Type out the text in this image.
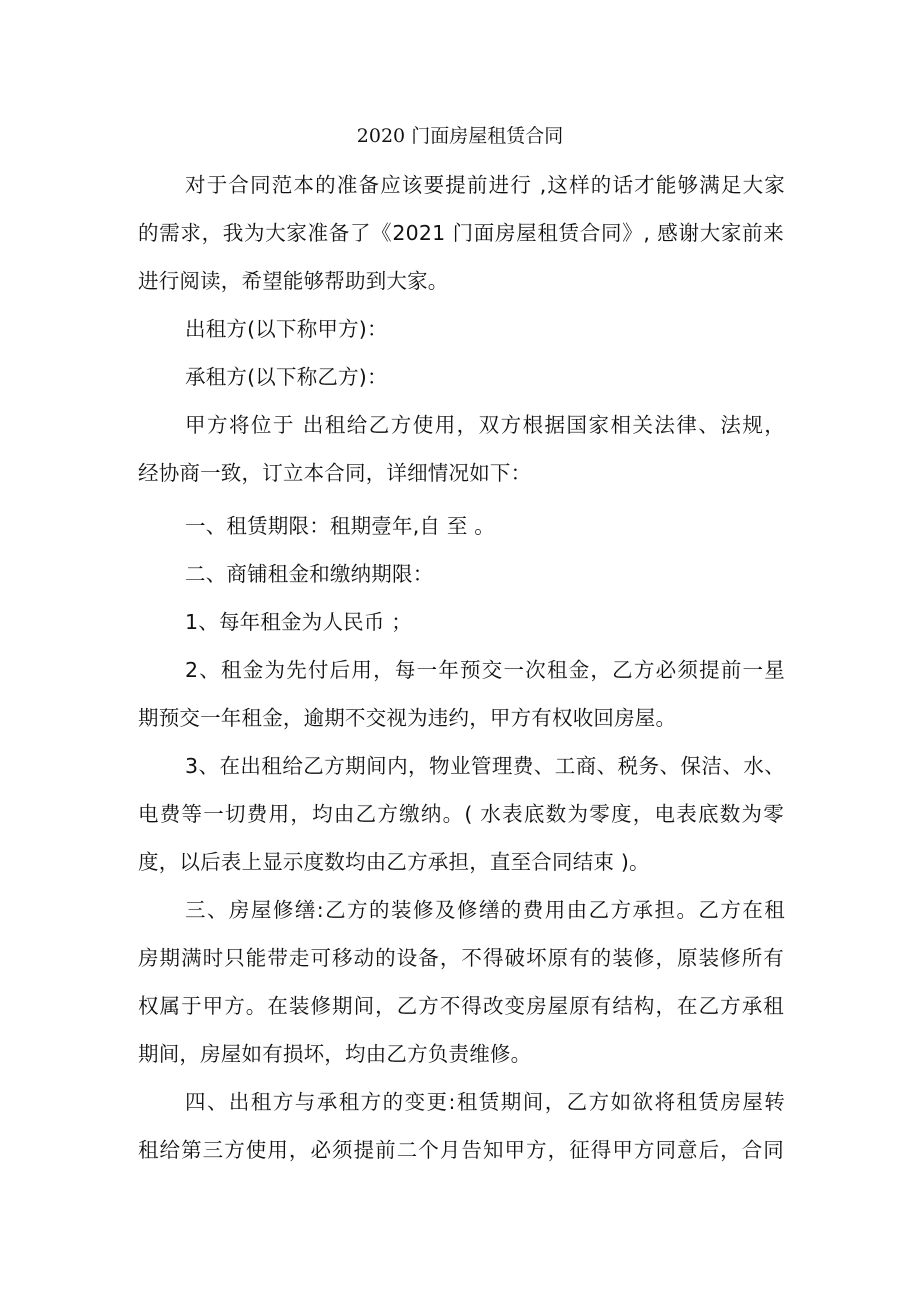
2020 门面房屋租赁合同
对于合同范本的准备应该要提前进行 ,这样的话才能够满足大家
的需求，我为大家准备了《2021 门面房屋租赁合同》, 感谢大家前来
进行阅读，希望能够帮助到大家。
出租方(以下称甲方)：
承租方(以下称乙方)：
甲方将位于 出租给乙方使用，双方根据国家相关法律、法规，
经协商一致，订立本合同，详细情况如下：
一、租赁期限：租期壹年,自 至 。
二、商铺租金和缴纳期限：
1、每年租金为人民币 ；
2、租金为先付后用，每一年预交一次租金，乙方必须提前一星
期预交一年租金，逾期不交视为违约，甲方有权收回房屋。
3、在出租给乙方期间内，物业管理费、工商、税务、保洁、水、
电费等一切费用，均由乙方缴纳。( 水表底数为零度，电表底数为零
度，以后表上显示度数均由乙方承担，直至合同结束 )。
三、房屋修缮:乙方的装修及修缮的费用由乙方承担。乙方在租
房期满时只能带走可移动的设备，不得破坏原有的装修，原装修所有
权属于甲方。在装修期间，乙方不得改变房屋原有结构，在乙方承租
期间，房屋如有损坏，均由乙方负责维修。
四、出租方与承租方的变更:租赁期间，乙方如欲将租赁房屋转
租给第三方使用，必须提前二个月告知甲方，征得甲方同意后，合同
